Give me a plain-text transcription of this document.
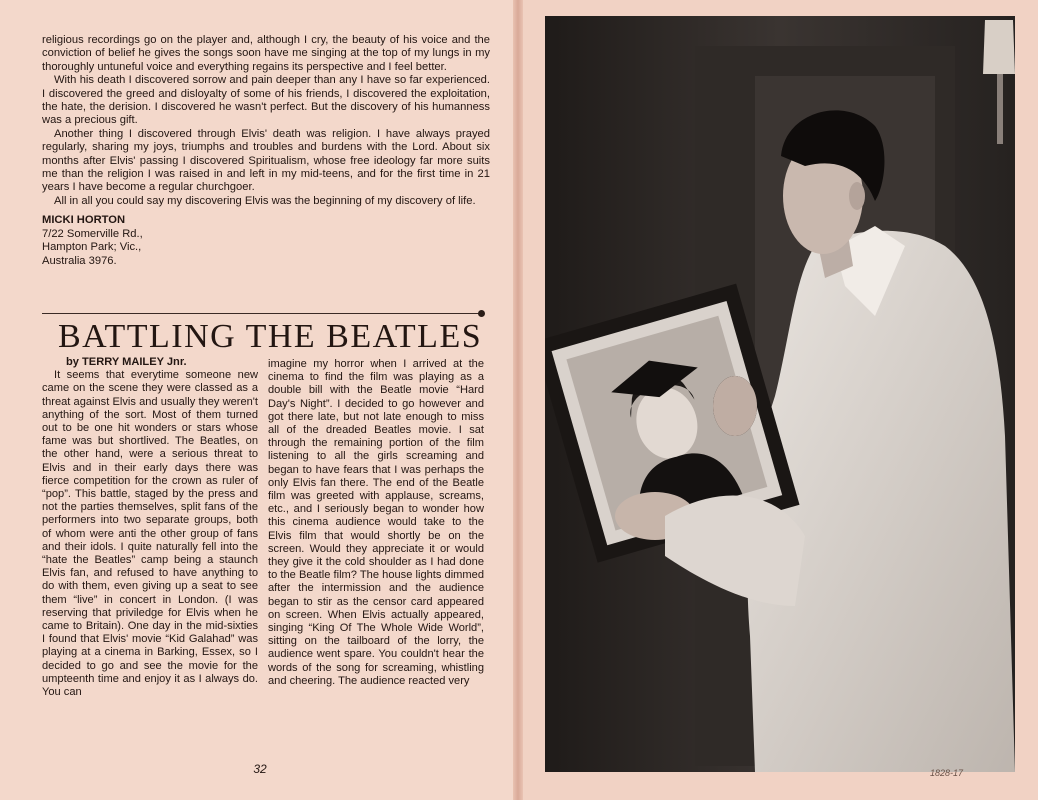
religious recordings go on the player and, although I cry, the beauty of his voice and the conviction of belief he gives the songs soon have me singing at the top of my lungs in my thoroughly untuneful voice and everything regains its perspective and I feel better.

With his death I discovered sorrow and pain deeper than any I have so far experienced. I discovered the greed and disloyalty of some of his friends, I discovered the exploitation, the hate, the derision. I discovered he wasn't perfect. But the discovery of his humanness was a precious gift.

Another thing I discovered through Elvis' death was religion. I have always prayed regularly, sharing my joys, triumphs and troubles and burdens with the Lord. About six months after Elvis' passing I discovered Spiritualism, whose free ideology far more suits me than the religion I was raised in and left in my mid-teens, and for the first time in 21 years I have become a regular churchgoer.

All in all you could say my discovering Elvis was the beginning of my discovery of life.

MICKI HORTON
7/22 Somerville Rd.,
Hampton Park; Vic.,
Australia 3976.
BATTLING THE BEATLES
by TERRY MAILEY Jnr.

It seems that everytime someone new came on the scene they were classed as a threat against Elvis and usually they weren't anything of the sort. Most of them turned out to be one hit wonders or stars whose fame was but shortlived. The Beatles, on the other hand, were a serious threat to Elvis and in their early days there was fierce competition for the crown as ruler of “pop”. This battle, staged by the press and not the parties themselves, split fans of the performers into two separate groups, both of whom were anti the other group of fans and their idols. I quite naturally fell into the “hate the Beatles” camp being a staunch Elvis fan, and refused to have anything to do with them, even giving up a seat to see them “live” in concert in London. (I was reserving that priviledge for Elvis when he came to Britain). One day in the mid-sixties I found that Elvis' movie “Kid Galahad” was playing at a cinema in Barking, Essex, so I decided to go and see the movie for the umpteenth time and enjoy it as I always do. You can

imagine my horror when I arrived at the cinema to find the film was playing as a double bill with the Beatle movie “Hard Day's Night”. I decided to go however and got there late, but not late enough to miss all of the dreaded Beatles movie. I sat through the remaining portion of the film listening to all the girls screaming and began to have fears that I was perhaps the only Elvis fan there. The end of the Beatle film was greeted with applause, screams, etc., and I seriously began to wonder how this cinema audience would take to the Elvis film that would shortly be on the screen. Would they appreciate it or would they give it the cold shoulder as I had done to the Beatle film? The house lights dimmed after the intermission and the audience began to stir as the censor card appeared on screen. When Elvis actually appeared, singing “King Of The Whole Wide World”, sitting on the tailboard of the lorry, the audience went spare. You couldn't hear the words of the song for screaming, whistling and cheering. The audience reacted very

32	1828-17
